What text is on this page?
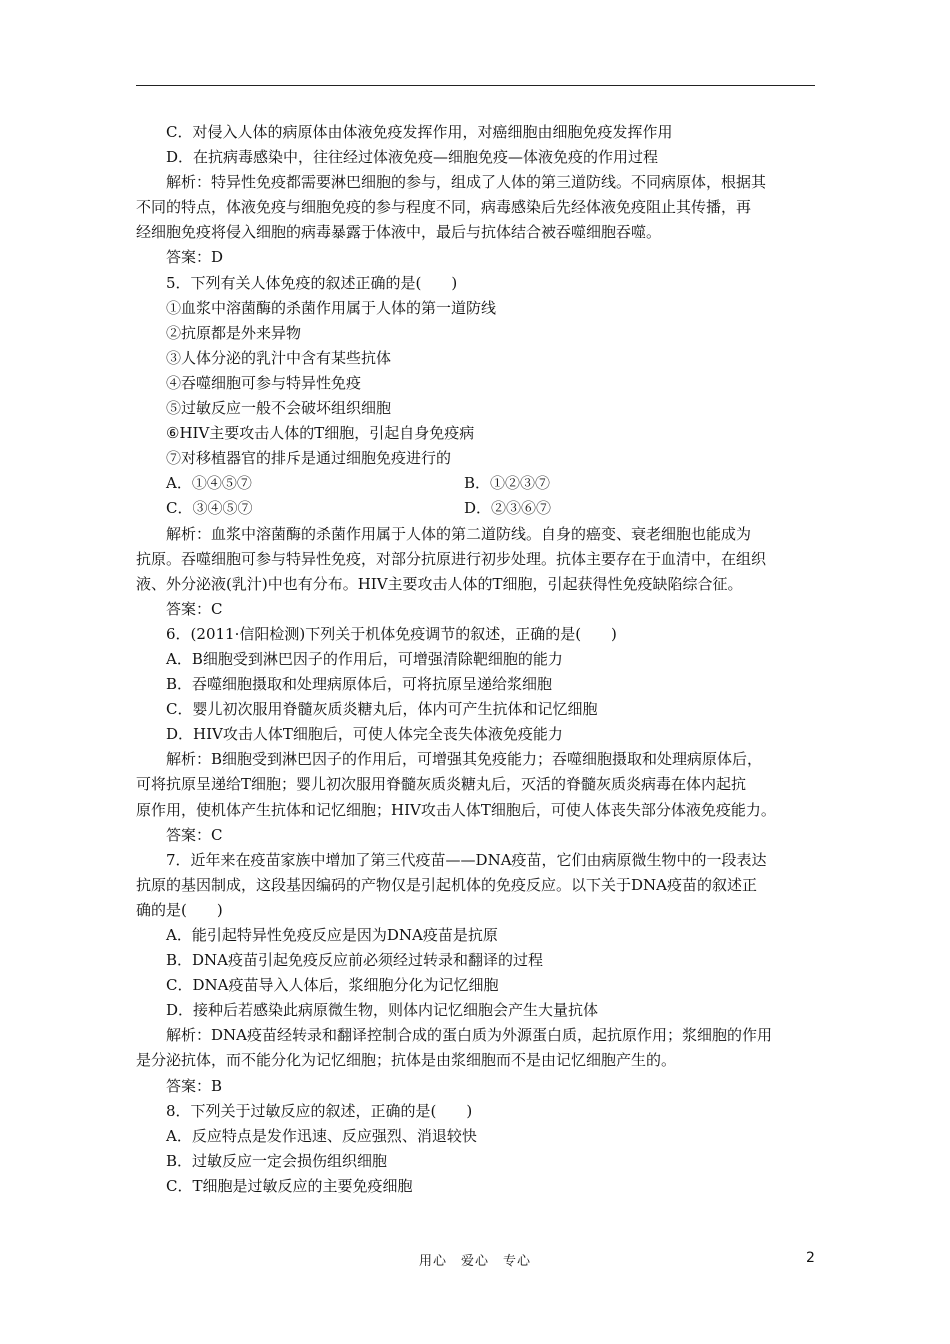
C．对侵入人体的病原体由体液免疫发挥作用，对癌细胞由细胞免疫发挥作用
D．在抗病毒感染中，往往经过体液免疫—细胞免疫—体液免疫的作用过程
解析：特异性免疫都需要淋巴细胞的参与，组成了人体的第三道防线。不同病原体，根据其
不同的特点，体液免疫与细胞免疫的参与程度不同，病毒感染后先经体液免疫阻止其传播，再
经细胞免疫将侵入细胞的病毒暴露于体液中，最后与抗体结合被吞噬细胞吞噬。
答案：D
5．下列有关人体免疫的叙述正确的是(　　)
①血浆中溶菌酶的杀菌作用属于人体的第一道防线
②抗原都是外来异物
③人体分泌的乳汁中含有某些抗体
④吞噬细胞可参与特异性免疫
⑤过敏反应一般不会破坏组织细胞
⑥HIV主要攻击人体的T细胞，引起自身免疫病
⑦对移植器官的排斥是通过细胞免疫进行的
A．①④⑤⑦	B．①②③⑦
C．③④⑤⑦	D．②③⑥⑦
解析：血浆中溶菌酶的杀菌作用属于人体的第二道防线。自身的癌变、衰老细胞也能成为
抗原。吞噬细胞可参与特异性免疫，对部分抗原进行初步处理。抗体主要存在于血清中，在组织
液、外分泌液(乳汁)中也有分布。HIV主要攻击人体的T细胞，引起获得性免疫缺陷综合征。
答案：C
6．(2011·信阳检测)下列关于机体免疫调节的叙述，正确的是(　　)
A．B细胞受到淋巴因子的作用后，可增强清除靶细胞的能力
B．吞噬细胞摄取和处理病原体后，可将抗原呈递给浆细胞
C．婴儿初次服用脊髓灰质炎糖丸后，体内可产生抗体和记忆细胞
D．HIV攻击人体T细胞后，可使人体完全丧失体液免疫能力
解析：B细胞受到淋巴因子的作用后，可增强其免疫能力；吞噬细胞摄取和处理病原体后，
可将抗原呈递给T细胞；婴儿初次服用脊髓灰质炎糖丸后，灭活的脊髓灰质炎病毒在体内起抗
原作用，使机体产生抗体和记忆细胞；HIV攻击人体T细胞后，可使人体丧失部分体液免疫能力。
答案：C
7．近年来在疫苗家族中增加了第三代疫苗——DNA疫苗，它们由病原微生物中的一段表达
抗原的基因制成，这段基因编码的产物仅是引起机体的免疫反应。以下关于DNA疫苗的叙述正
确的是(　　)
A．能引起特异性免疫反应是因为DNA疫苗是抗原
B．DNA疫苗引起免疫反应前必须经过转录和翻译的过程
C．DNA疫苗导入人体后，浆细胞分化为记忆细胞
D．接种后若感染此病原微生物，则体内记忆细胞会产生大量抗体
解析：DNA疫苗经转录和翻译控制合成的蛋白质为外源蛋白质，起抗原作用；浆细胞的作用
是分泌抗体，而不能分化为记忆细胞；抗体是由浆细胞而不是由记忆细胞产生的。
答案：B
8．下列关于过敏反应的叙述，正确的是(　　)
A．反应特点是发作迅速、反应强烈、消退较快
B．过敏反应一定会损伤组织细胞
C．T细胞是过敏反应的主要免疫细胞
用心　爱心　专心	2
